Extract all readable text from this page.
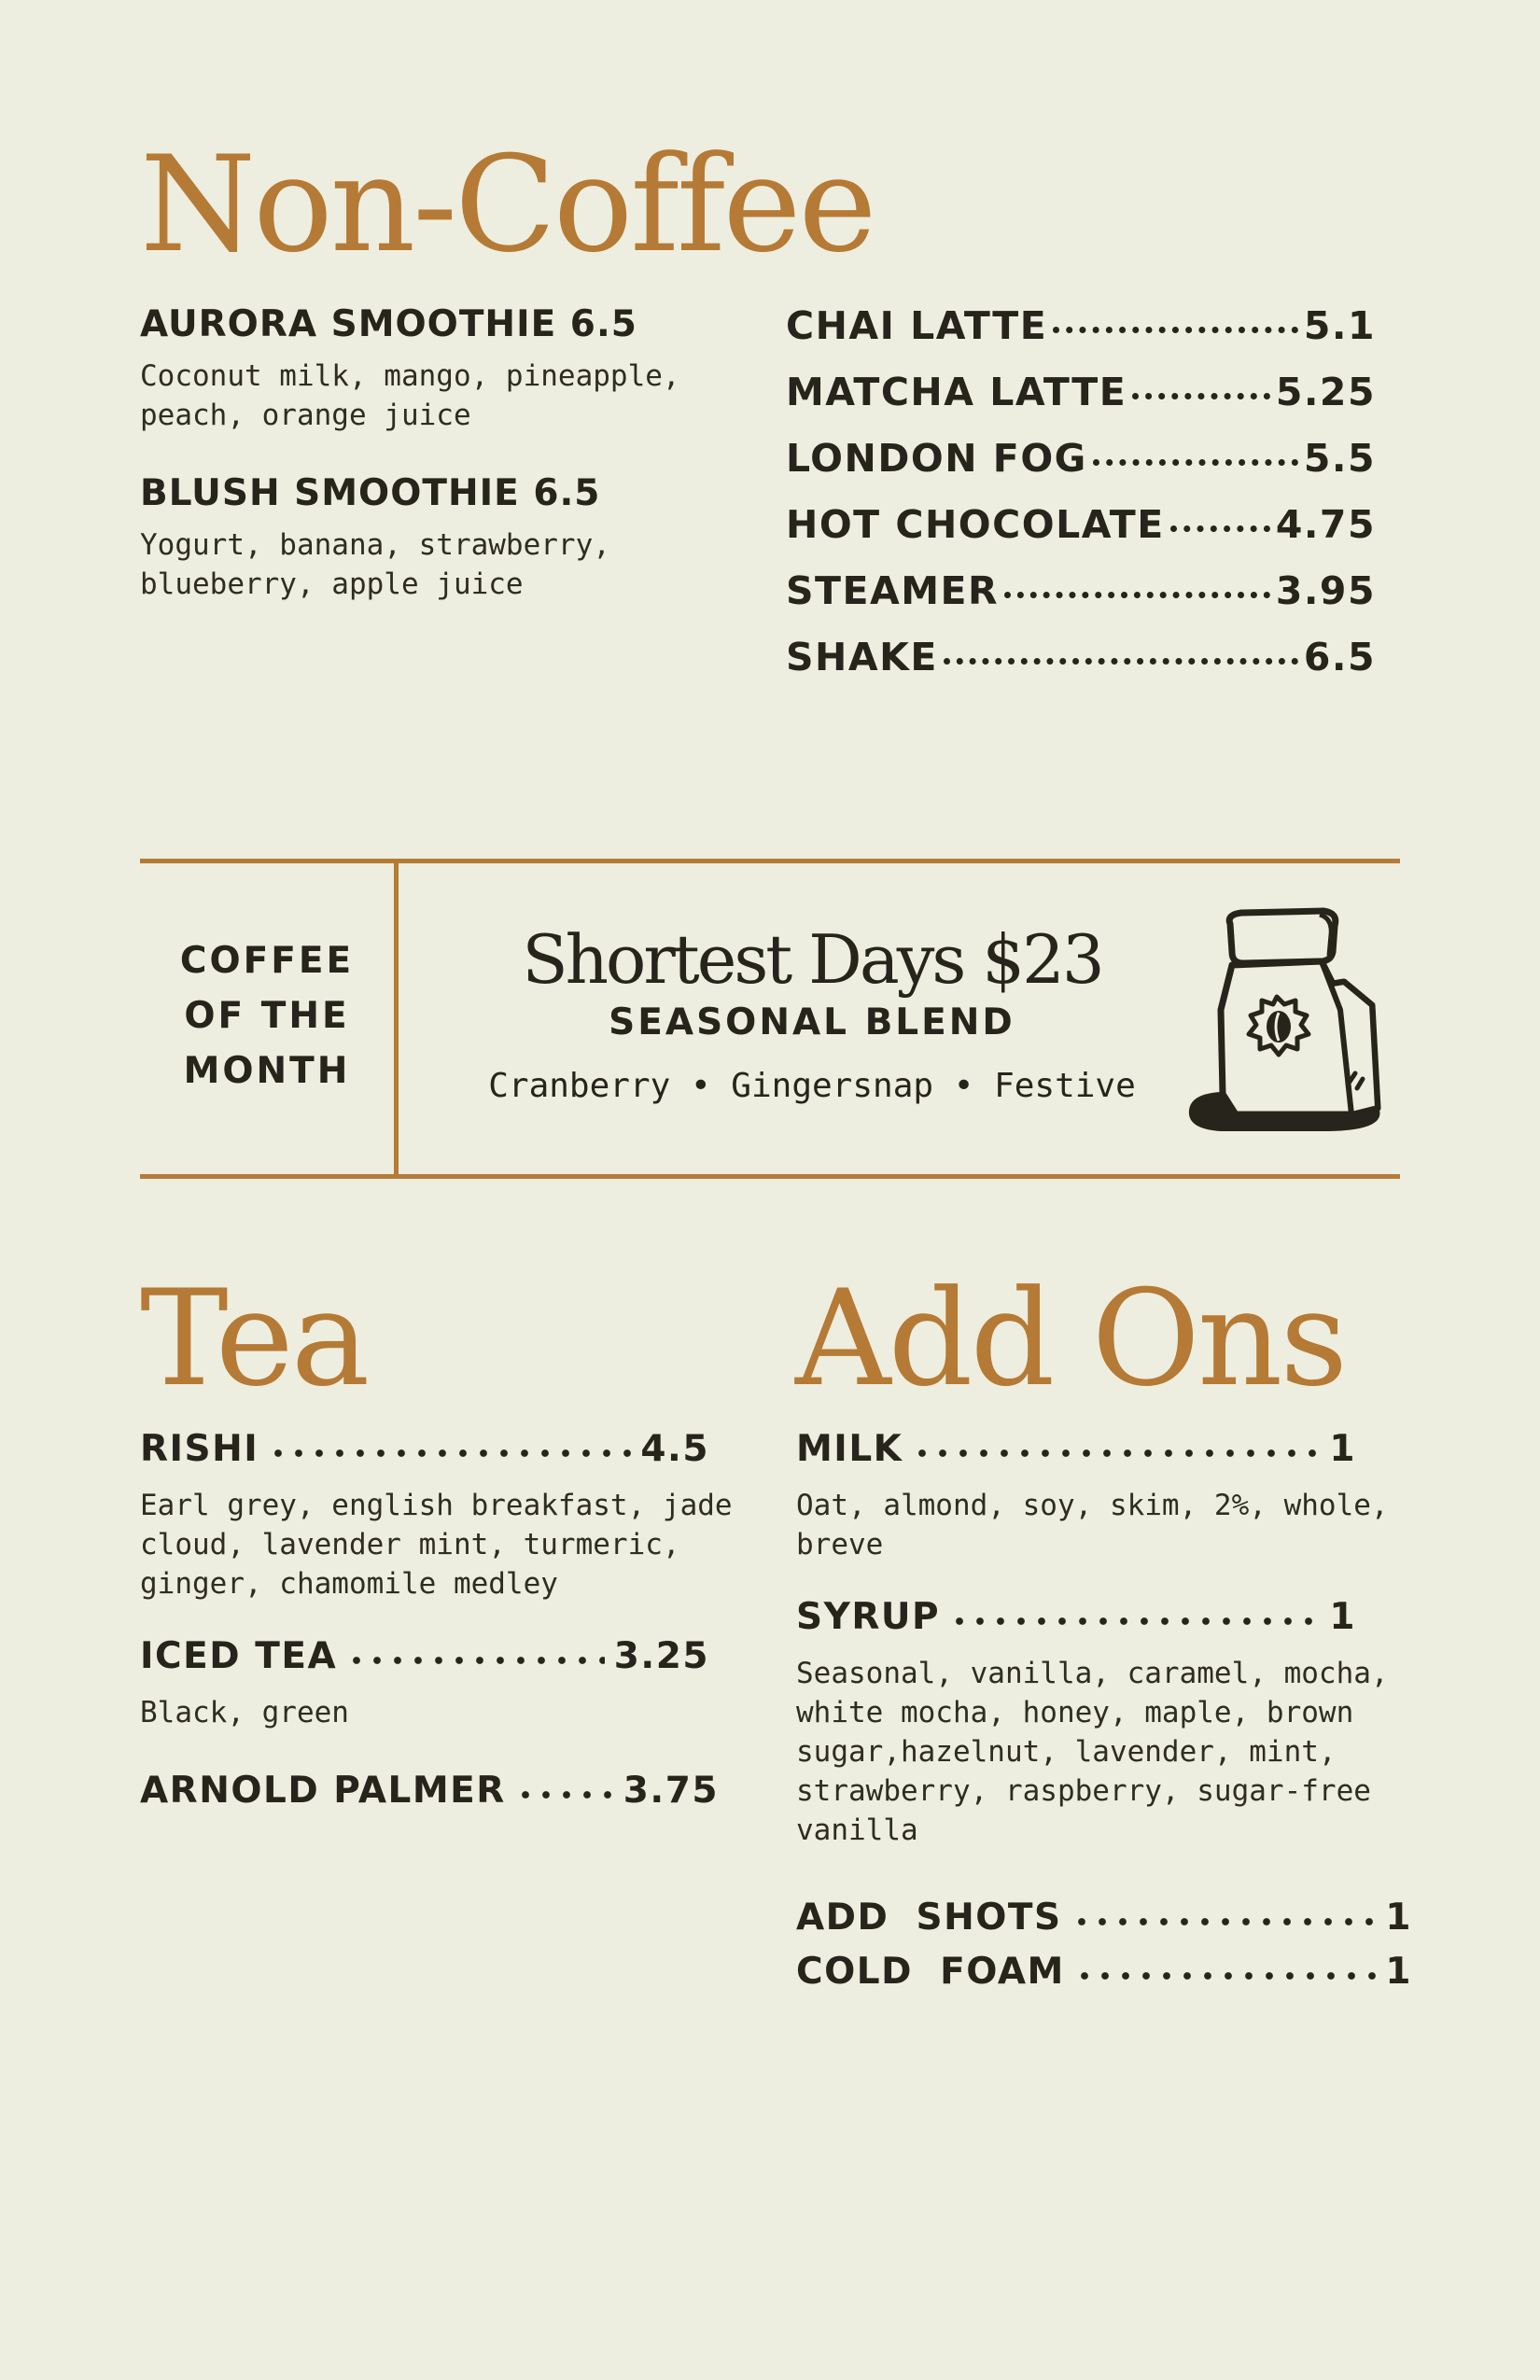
Non-Coffee
AURORA SMOOTHIE 6.5
Coconut milk, mango, pineapple, peach, orange juice
BLUSH SMOOTHIE 6.5
Yogurt, banana, strawberry, blueberry, apple juice
CHAI LATTE	5.1
MATCHA LATTE	5.25
LONDON FOG	5.5
HOT CHOCOLATE	4.75
STEAMER	3.95
SHAKE	6.5
COFFEE
OF THE
MONTH
Shortest Days $23
SEASONAL BLEND
Cranberry • Gingersnap • Festive
Tea
RISHI	4.5
Earl grey, english breakfast, jade cloud, lavender mint, turmeric, ginger, chamomile medley
ICED TEA	3.25
Black, green
ARNOLD PALMER	3.75
Add Ons
MILK	1
Oat, almond, soy, skim, 2%, whole, breve
SYRUP	1
Seasonal, vanilla, caramel, mocha, white mocha, honey, maple, brown sugar,hazelnut, lavender, mint, strawberry, raspberry, sugar-free vanilla
ADD SHOTS	1
COLD FOAM	1
